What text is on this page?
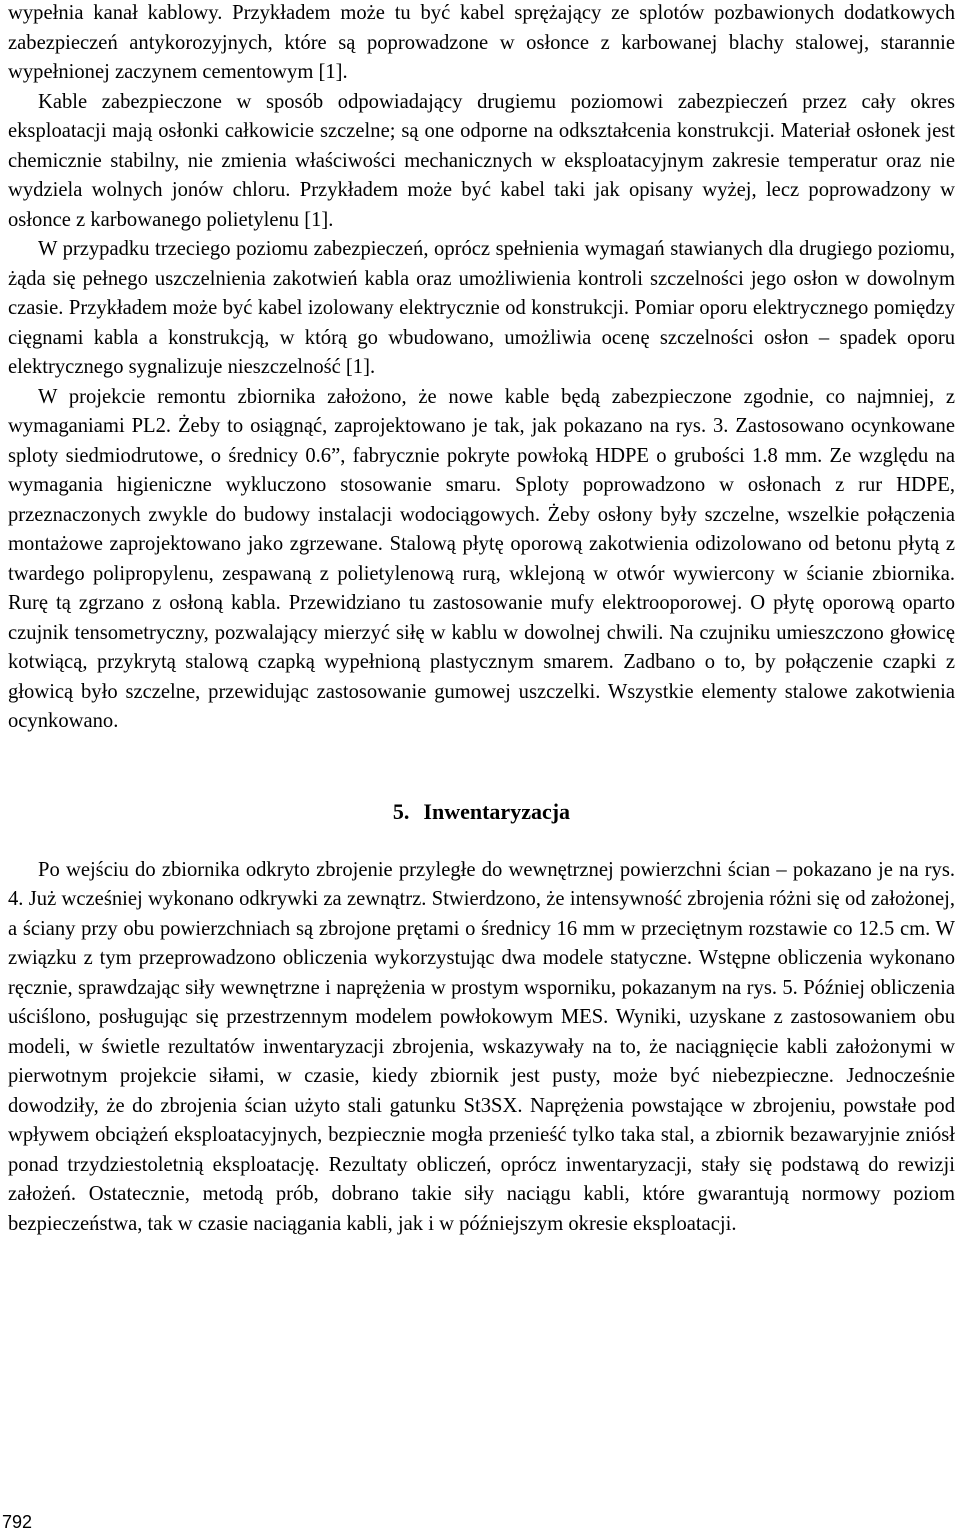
wypełnia kanał kablowy. Przykładem może tu być kabel sprężający ze splotów pozbawionych dodatkowych zabezpieczeń antykorozyjnych, które są poprowadzone w osłonce z karbowanej blachy stalowej, starannie wypełnionej zaczynem cementowym [1].

Kable zabezpieczone w sposób odpowiadający drugiemu poziomowi zabezpieczeń przez cały okres eksploatacji mają osłonki całkowicie szczelne; są one odporne na odkształcenia konstrukcji. Materiał osłonek jest chemicznie stabilny, nie zmienia właściwości mechanicznych w eksploatacyjnym zakresie temperatur oraz nie wydziela wolnych jonów chloru. Przykładem może być kabel taki jak opisany wyżej, lecz poprowadzony w osłonce z karbowanego polietylenu [1].

W przypadku trzeciego poziomu zabezpieczeń, oprócz spełnienia wymagań stawianych dla drugiego poziomu, żąda się pełnego uszczelnienia zakotwień kabla oraz umożliwienia kontroli szczelności jego osłon w dowolnym czasie. Przykładem może być kabel izolowany elektrycznie od konstrukcji. Pomiar oporu elektrycznego pomiędzy cięgnami kabla a konstrukcją, w którą go wbudowano, umożliwia ocenę szczelności osłon – spadek oporu elektrycznego sygnalizuje nieszczelność [1].

W projekcie remontu zbiornika założono, że nowe kable będą zabezpieczone zgodnie, co najmniej, z wymaganiami PL2. Żeby to osiągnąć, zaprojektowano je tak, jak pokazano na rys. 3. Zastosowano ocynkowane sploty siedmiodrutowe, o średnicy 0.6”, fabrycznie pokryte powłoką HDPE o grubości 1.8 mm. Ze względu na wymagania higieniczne wykluczono stosowanie smaru. Sploty poprowadzono w osłonach z rur HDPE, przeznaczonych zwykle do budowy instalacji wodociągowych. Żeby osłony były szczelne, wszelkie połączenia montażowe zaprojektowano jako zgrzewane. Stalową płytę oporową zakotwienia odizolowano od betonu płytą z twardego polipropylenu, zespawaną z polietylenową rurą, wklejoną w otwór wywiercony w ścianie zbiornika. Rurę tą zgrzano z osłoną kabla. Przewidziano tu zastosowanie mufy elektrooporowej. O płytę oporową oparto czujnik tensometryczny, pozwalający mierzyć siłę w kablu w dowolnej chwili. Na czujniku umieszczono głowicę kotwiącą, przykrytą stalową czapką wypełnioną plastycznym smarem. Zadbano o to, by połączenie czapki z głowicą było szczelne, przewidując zastosowanie gumowej uszczelki. Wszystkie elementy stalowe zakotwienia ocynkowano.

5. Inwentaryzacja

Po wejściu do zbiornika odkryto zbrojenie przyległe do wewnętrznej powierzchni ścian – pokazano je na rys. 4. Już wcześniej wykonano odkrywki za zewnątrz. Stwierdzono, że intensywność zbrojenia różni się od założonej, a ściany przy obu powierzchniach są zbrojone prętami o średnicy 16 mm w przeciętnym rozstawie co 12.5 cm. W związku z tym przeprowadzono obliczenia wykorzystując dwa modele statyczne. Wstępne obliczenia wykonano ręcznie, sprawdzając siły wewnętrzne i naprężenia w prostym wsporniku, pokazanym na rys. 5. Później obliczenia uściślono, posługując się przestrzennym modelem powłokowym MES. Wyniki, uzyskane z zastosowaniem obu modeli, w świetle rezultatów inwentaryzacji zbrojenia, wskazywały na to, że naciągnięcie kabli założonymi w pierwotnym projekcie siłami, w czasie, kiedy zbiornik jest pusty, może być niebezpieczne. Jednocześnie dowodziły, że do zbrojenia ścian użyto stali gatunku St3SX. Naprężenia powstające w zbrojeniu, powstałe pod wpływem obciążeń eksploatacyjnych, bezpiecznie mogła przenieść tylko taka stal, a zbiornik bezawaryjnie zniósł ponad trzydziestoletnią eksploatację. Rezultaty obliczeń, oprócz inwentaryzacji, stały się podstawą do rewizji założeń. Ostatecznie, metodą prób, dobrano takie siły naciągu kabli, które gwarantują normowy poziom bezpieczeństwa, tak w czasie naciągania kabli, jak i w późniejszym okresie eksploatacji.

792
